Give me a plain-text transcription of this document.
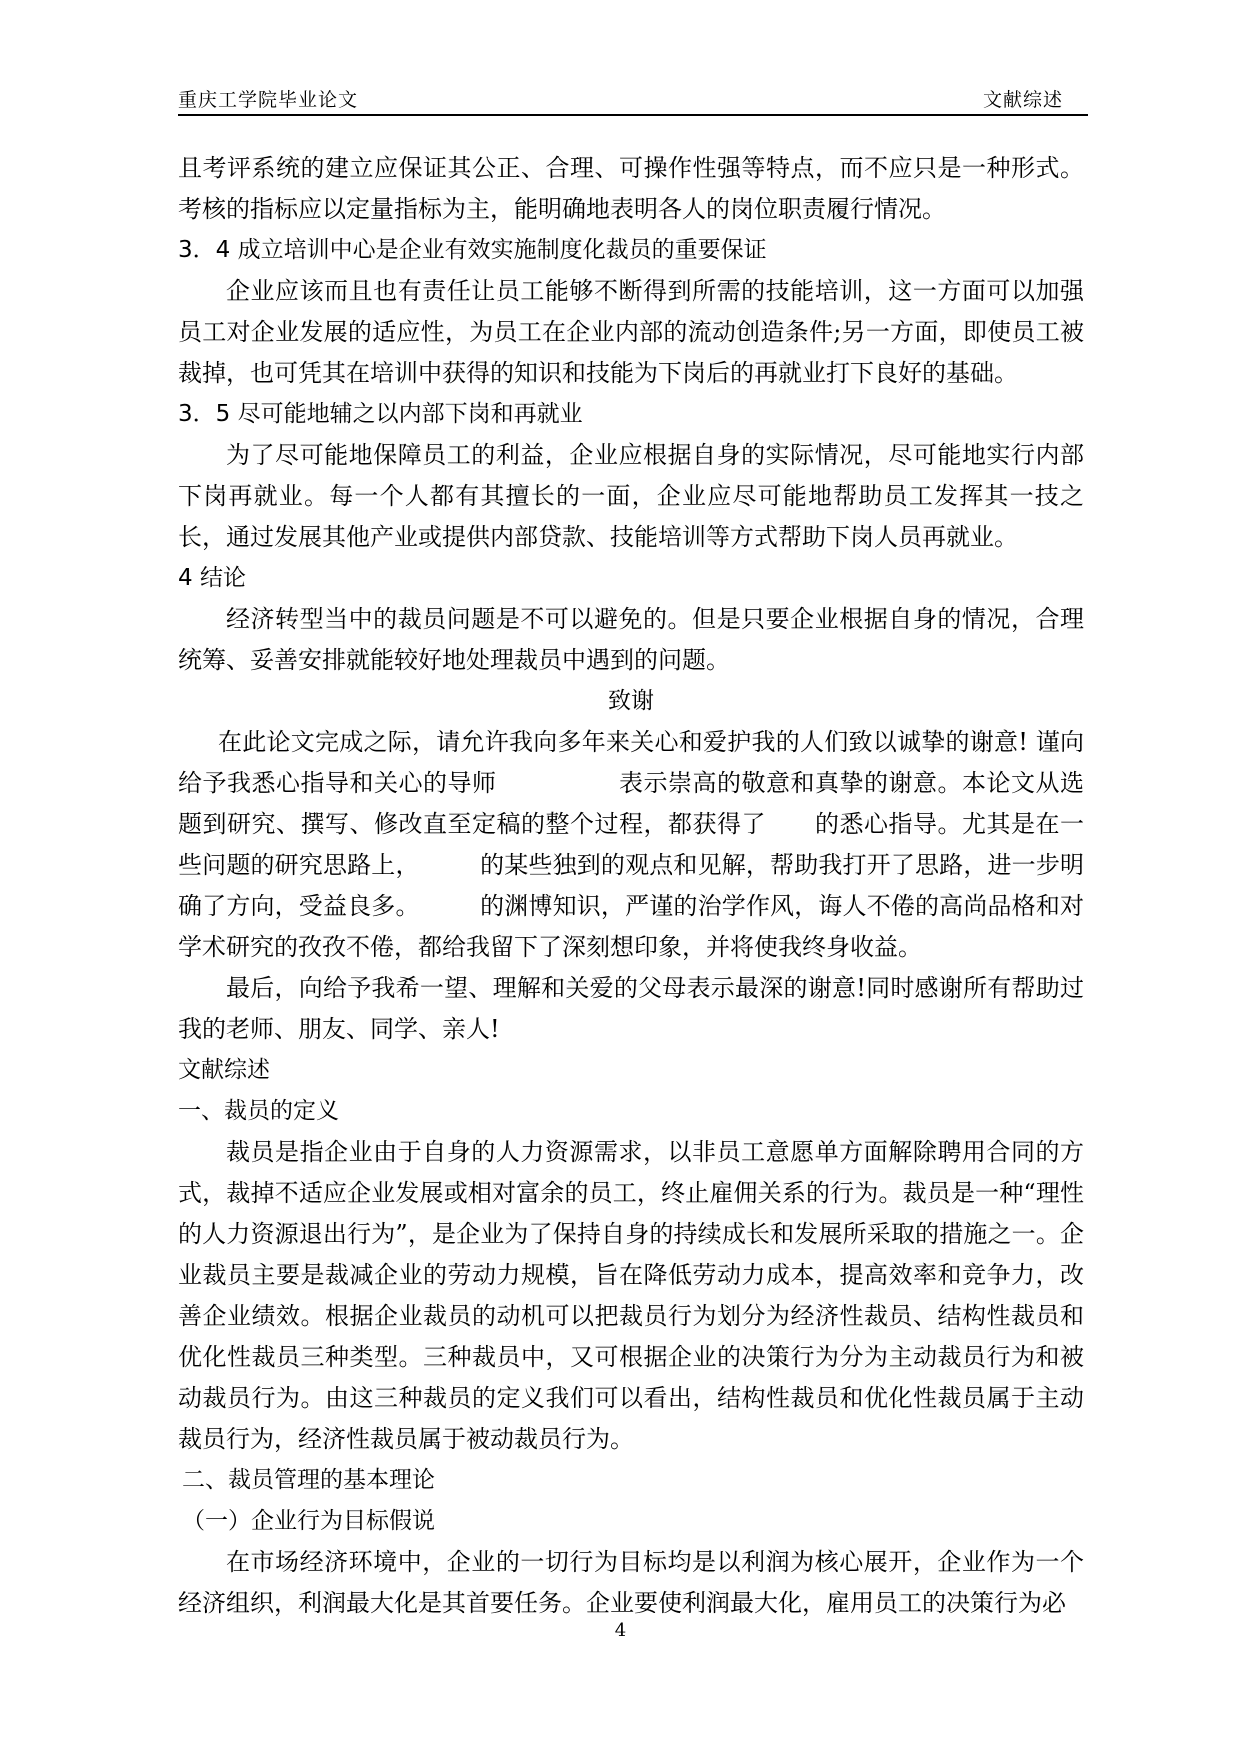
重庆工学院毕业论文	文献综述

且考评系统的建立应保证其公正、合理、可操作性强等特点，而不应只是一种形式。考核的指标应以定量指标为主，能明确地表明各人的岗位职责履行情况。

3．4 成立培训中心是企业有效实施制度化裁员的重要保证

企业应该而且也有责任让员工能够不断得到所需的技能培训，这一方面可以加强员工对企业发展的适应性，为员工在企业内部的流动创造条件;另一方面，即使员工被裁掉，也可凭其在培训中获得的知识和技能为下岗后的再就业打下良好的基础。

3．5 尽可能地辅之以内部下岗和再就业

为了尽可能地保障员工的利益，企业应根据自身的实际情况，尽可能地实行内部下岗再就业。每一个人都有其擅长的一面，企业应尽可能地帮助员工发挥其一技之长，通过发展其他产业或提供内部贷款、技能培训等方式帮助下岗人员再就业。

4 结论

经济转型当中的裁员问题是不可以避免的。但是只要企业根据自身的情况，合理统筹、妥善安排就能较好地处理裁员中遇到的问题。

致谢

在此论文完成之际，请允许我向多年来关心和爱护我的人们致以诚挚的谢意! 谨向给予我悉心指导和关心的导师　　　　　表示崇高的敬意和真挚的谢意。本论文从选题到研究、撰写、修改直至定稿的整个过程，都获得了　　的悉心指导。尤其是在一些问题的研究思路上，　　　的某些独到的观点和见解，帮助我打开了思路，进一步明确了方向，受益良多。　　　的渊博知识，严谨的治学作风，诲人不倦的高尚品格和对学术研究的孜孜不倦，都给我留下了深刻想印象，并将使我终身收益。

最后，向给予我希一望、理解和关爱的父母表示最深的谢意!同时感谢所有帮助过我的老师、朋友、同学、亲人!

文献综述

一、裁员的定义

裁员是指企业由于自身的人力资源需求，以非员工意愿单方面解除聘用合同的方式，裁掉不适应企业发展或相对富余的员工，终止雇佣关系的行为。裁员是一种“理性的人力资源退出行为”，是企业为了保持自身的持续成长和发展所采取的措施之一。企业裁员主要是裁减企业的劳动力规模，旨在降低劳动力成本，提高效率和竞争力，改善企业绩效。根据企业裁员的动机可以把裁员行为划分为经济性裁员、结构性裁员和优化性裁员三种类型。三种裁员中，又可根据企业的决策行为分为主动裁员行为和被动裁员行为。由这三种裁员的定义我们可以看出，结构性裁员和优化性裁员属于主动裁员行为，经济性裁员属于被动裁员行为。

二、裁员管理的基本理论

（一）企业行为目标假说

在市场经济环境中，企业的一切行为目标均是以利润为核心展开，企业作为一个经济组织，利润最大化是其首要任务。企业要使利润最大化，雇用员工的决策行为必

4
